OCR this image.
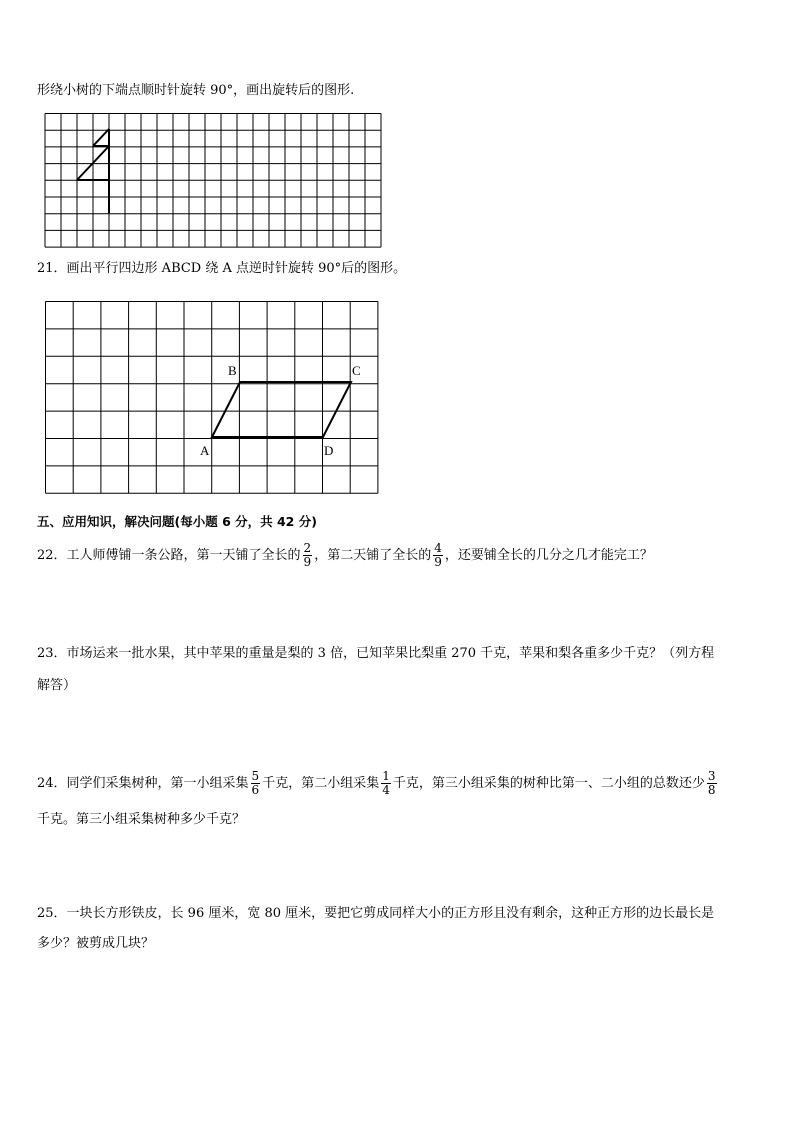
形绕小树的下端点顺时针旋转 90°，画出旋转后的图形.
21．画出平行四边形 ABCD 绕 A 点逆时针旋转 90°后的图形。
A
B	C
D
五、应用知识，解决问题(每小题 6 分，共 42 分)
22．工人师傅铺一条公路，第一天铺了全长的 $\frac{2}{9}$ ，第二天铺了全长的 $\frac{4}{9}$ ，还要铺全长的几分之几才能完工？
23．市场运来一批水果，其中苹果的重量是梨的 3 倍，已知苹果比梨重 270 千克，苹果和梨各重多少千克？（列方程
解答）
24．同学们采集树种，第一小组采集 $\frac{5}{6}$ 千克，第二小组采集 $\frac{1}{4}$ 千克，第三小组采集的树种比第一、二小组的总数还少 $\frac{3}{8}$
千克。第三小组采集树种多少千克？
25．一块长方形铁皮，长 96 厘米，宽 80 厘米，要把它剪成同样大小的正方形且没有剩余，这种正方形的边长最长是
多少？被剪成几块？
